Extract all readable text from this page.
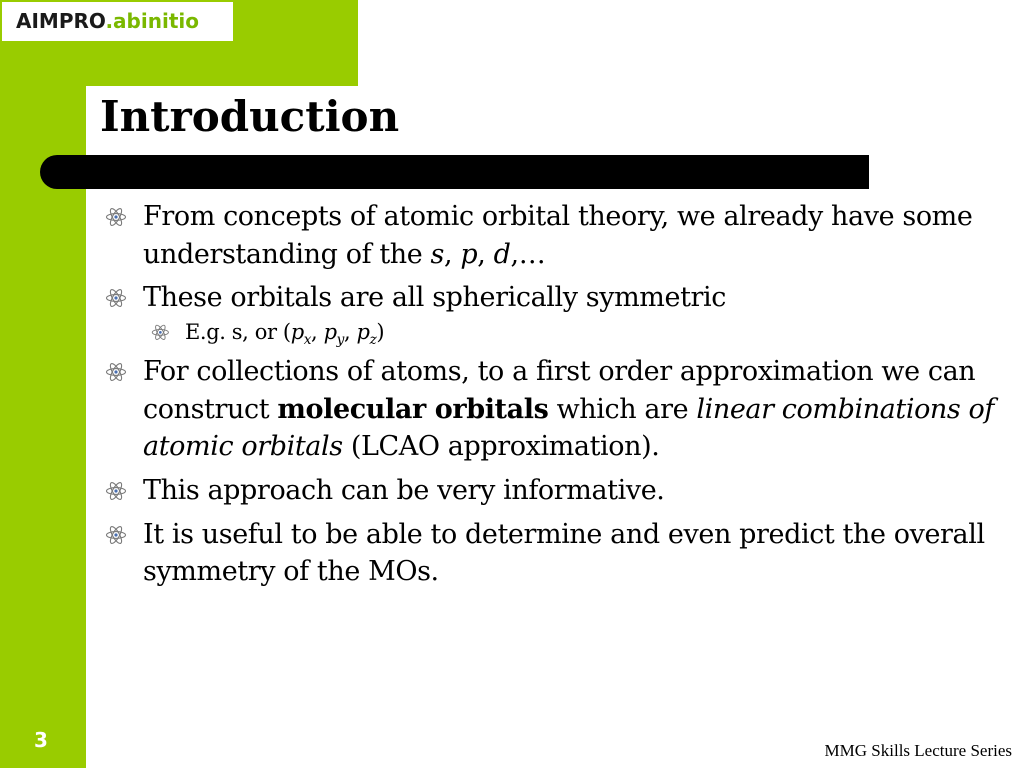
AIMPRO.abinitio
Introduction
From concepts of atomic orbital theory, we already have some understanding of the s, p, d,…
These orbitals are all spherically symmetric
E.g. s, or ($p_x$, $p_y$, $p_z$)
For collections of atoms, to a first order approximation we can construct molecular orbitals which are linear combinations of atomic orbitals (LCAO approximation).
This approach can be very informative.
It is useful to be able to determine and even predict the overall symmetry of the MOs.
3	MMG Skills Lecture Series
